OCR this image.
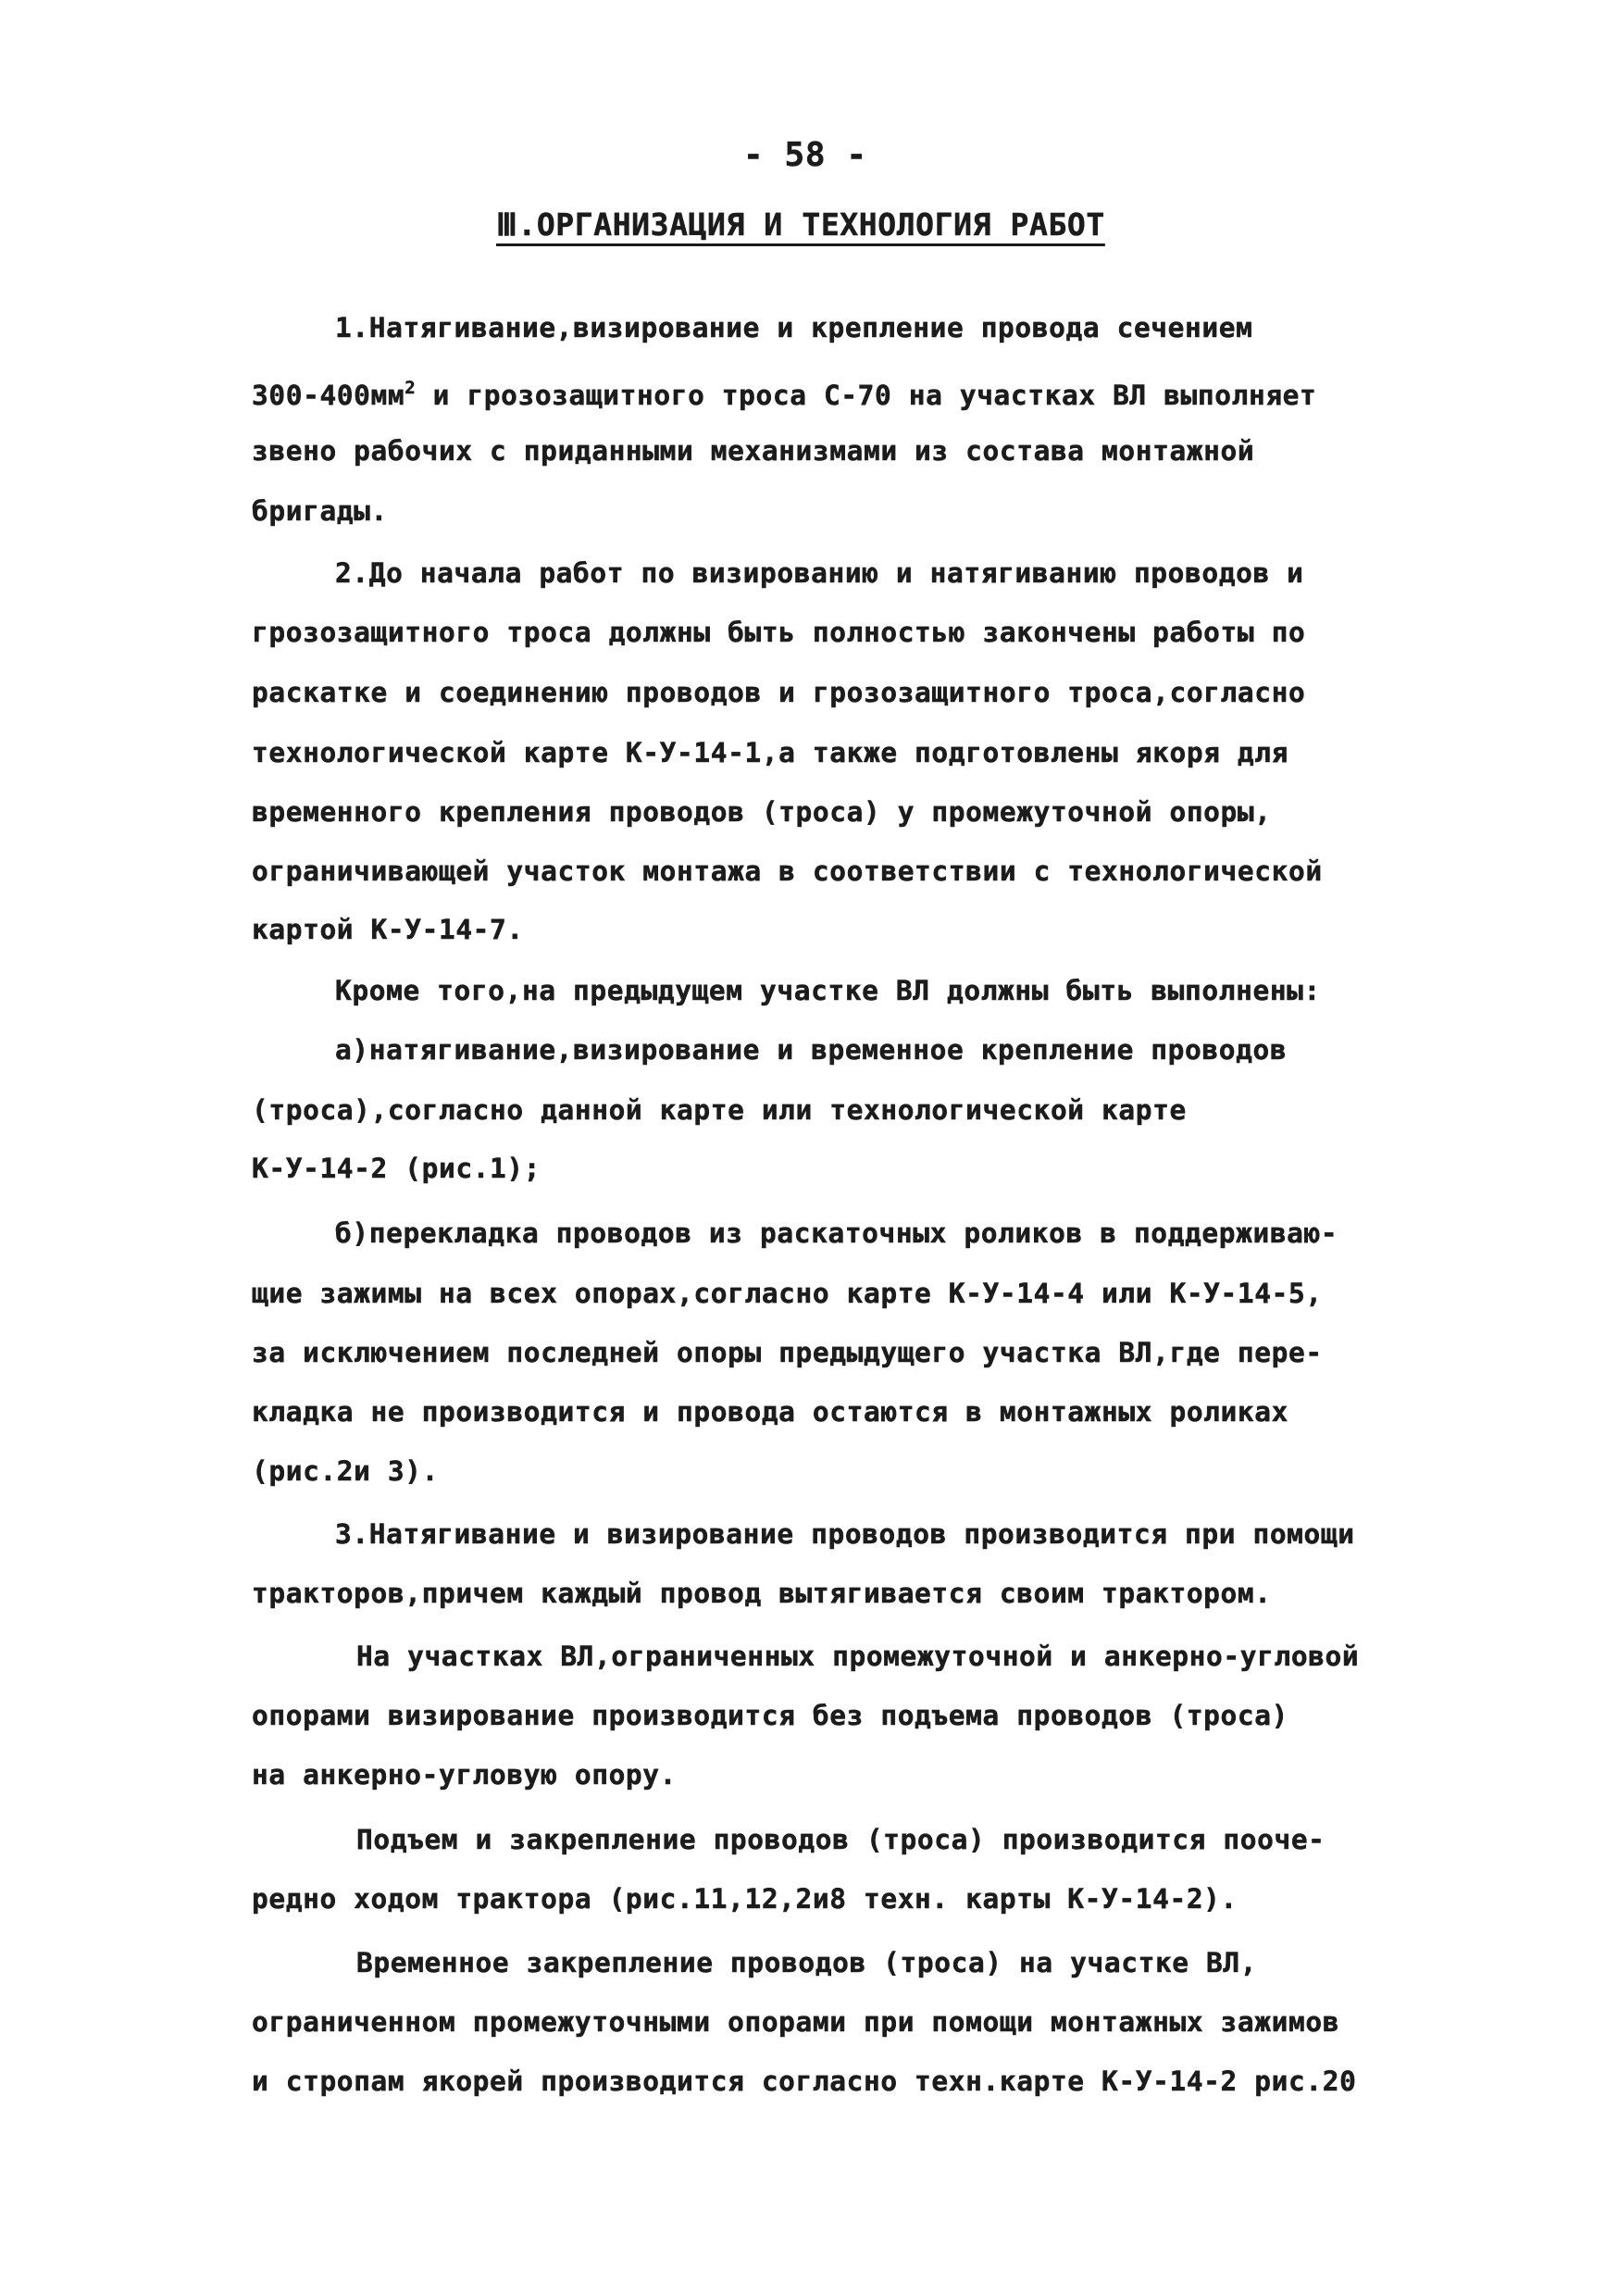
- 58 -
Ⅲ.ОРГАНИЗАЦИЯ И ТЕХНОЛОГИЯ РАБОТ
1.Натягивание,визирование и крепление провода сечением
$300-400мм^2$ и грозозащитного троса С-70 на участках ВЛ выполняет
звено рабочих с приданными механизмами из состава монтажной
бригады.
2.До начала работ по визированию и натягиванию проводов и
грозозащитного троса должны быть полностью закончены работы по
раскатке и соединению проводов и грозозащитного троса,согласно
технологической карте К-У-14-1,а также подготовлены якоря для
временного крепления проводов (троса) у промежуточной опоры,
ограничивающей участок монтажа в соответствии с технологической
картой К-У-14-7.
Кроме того,на предыдущем участке ВЛ должны быть выполнены:
а)натягивание,визирование и временное крепление проводов
(троса),согласно данной карте или технологической карте
К-У-14-2 (рис.1);
б)перекладка проводов из раскаточных роликов в поддерживаю-
щие зажимы на всех опорах,согласно карте К-У-14-4 или К-У-14-5,
за исключением последней опоры предыдущего участка ВЛ,где пере-
кладка не производится и провода остаются в монтажных роликах
(рис.2и 3).
3.Натягивание и визирование проводов производится при помощи
тракторов,причем каждый провод вытягивается своим трактором.
На участках ВЛ,ограниченных промежуточной и анкерно-угловой
опорами визирование производится без подъема проводов (троса)
на анкерно-угловую опору.
Подъем и закрепление проводов (троса) производится поочe-
редно ходом трактора (рис.11,12,2и8 техн. карты К-У-14-2).
Временное закрепление проводов (троса) на участке ВЛ,
ограниченном промежуточными опорами при помощи монтажных зажимов
и стропам якорей производится согласно техн.карте К-У-14-2 рис.20
